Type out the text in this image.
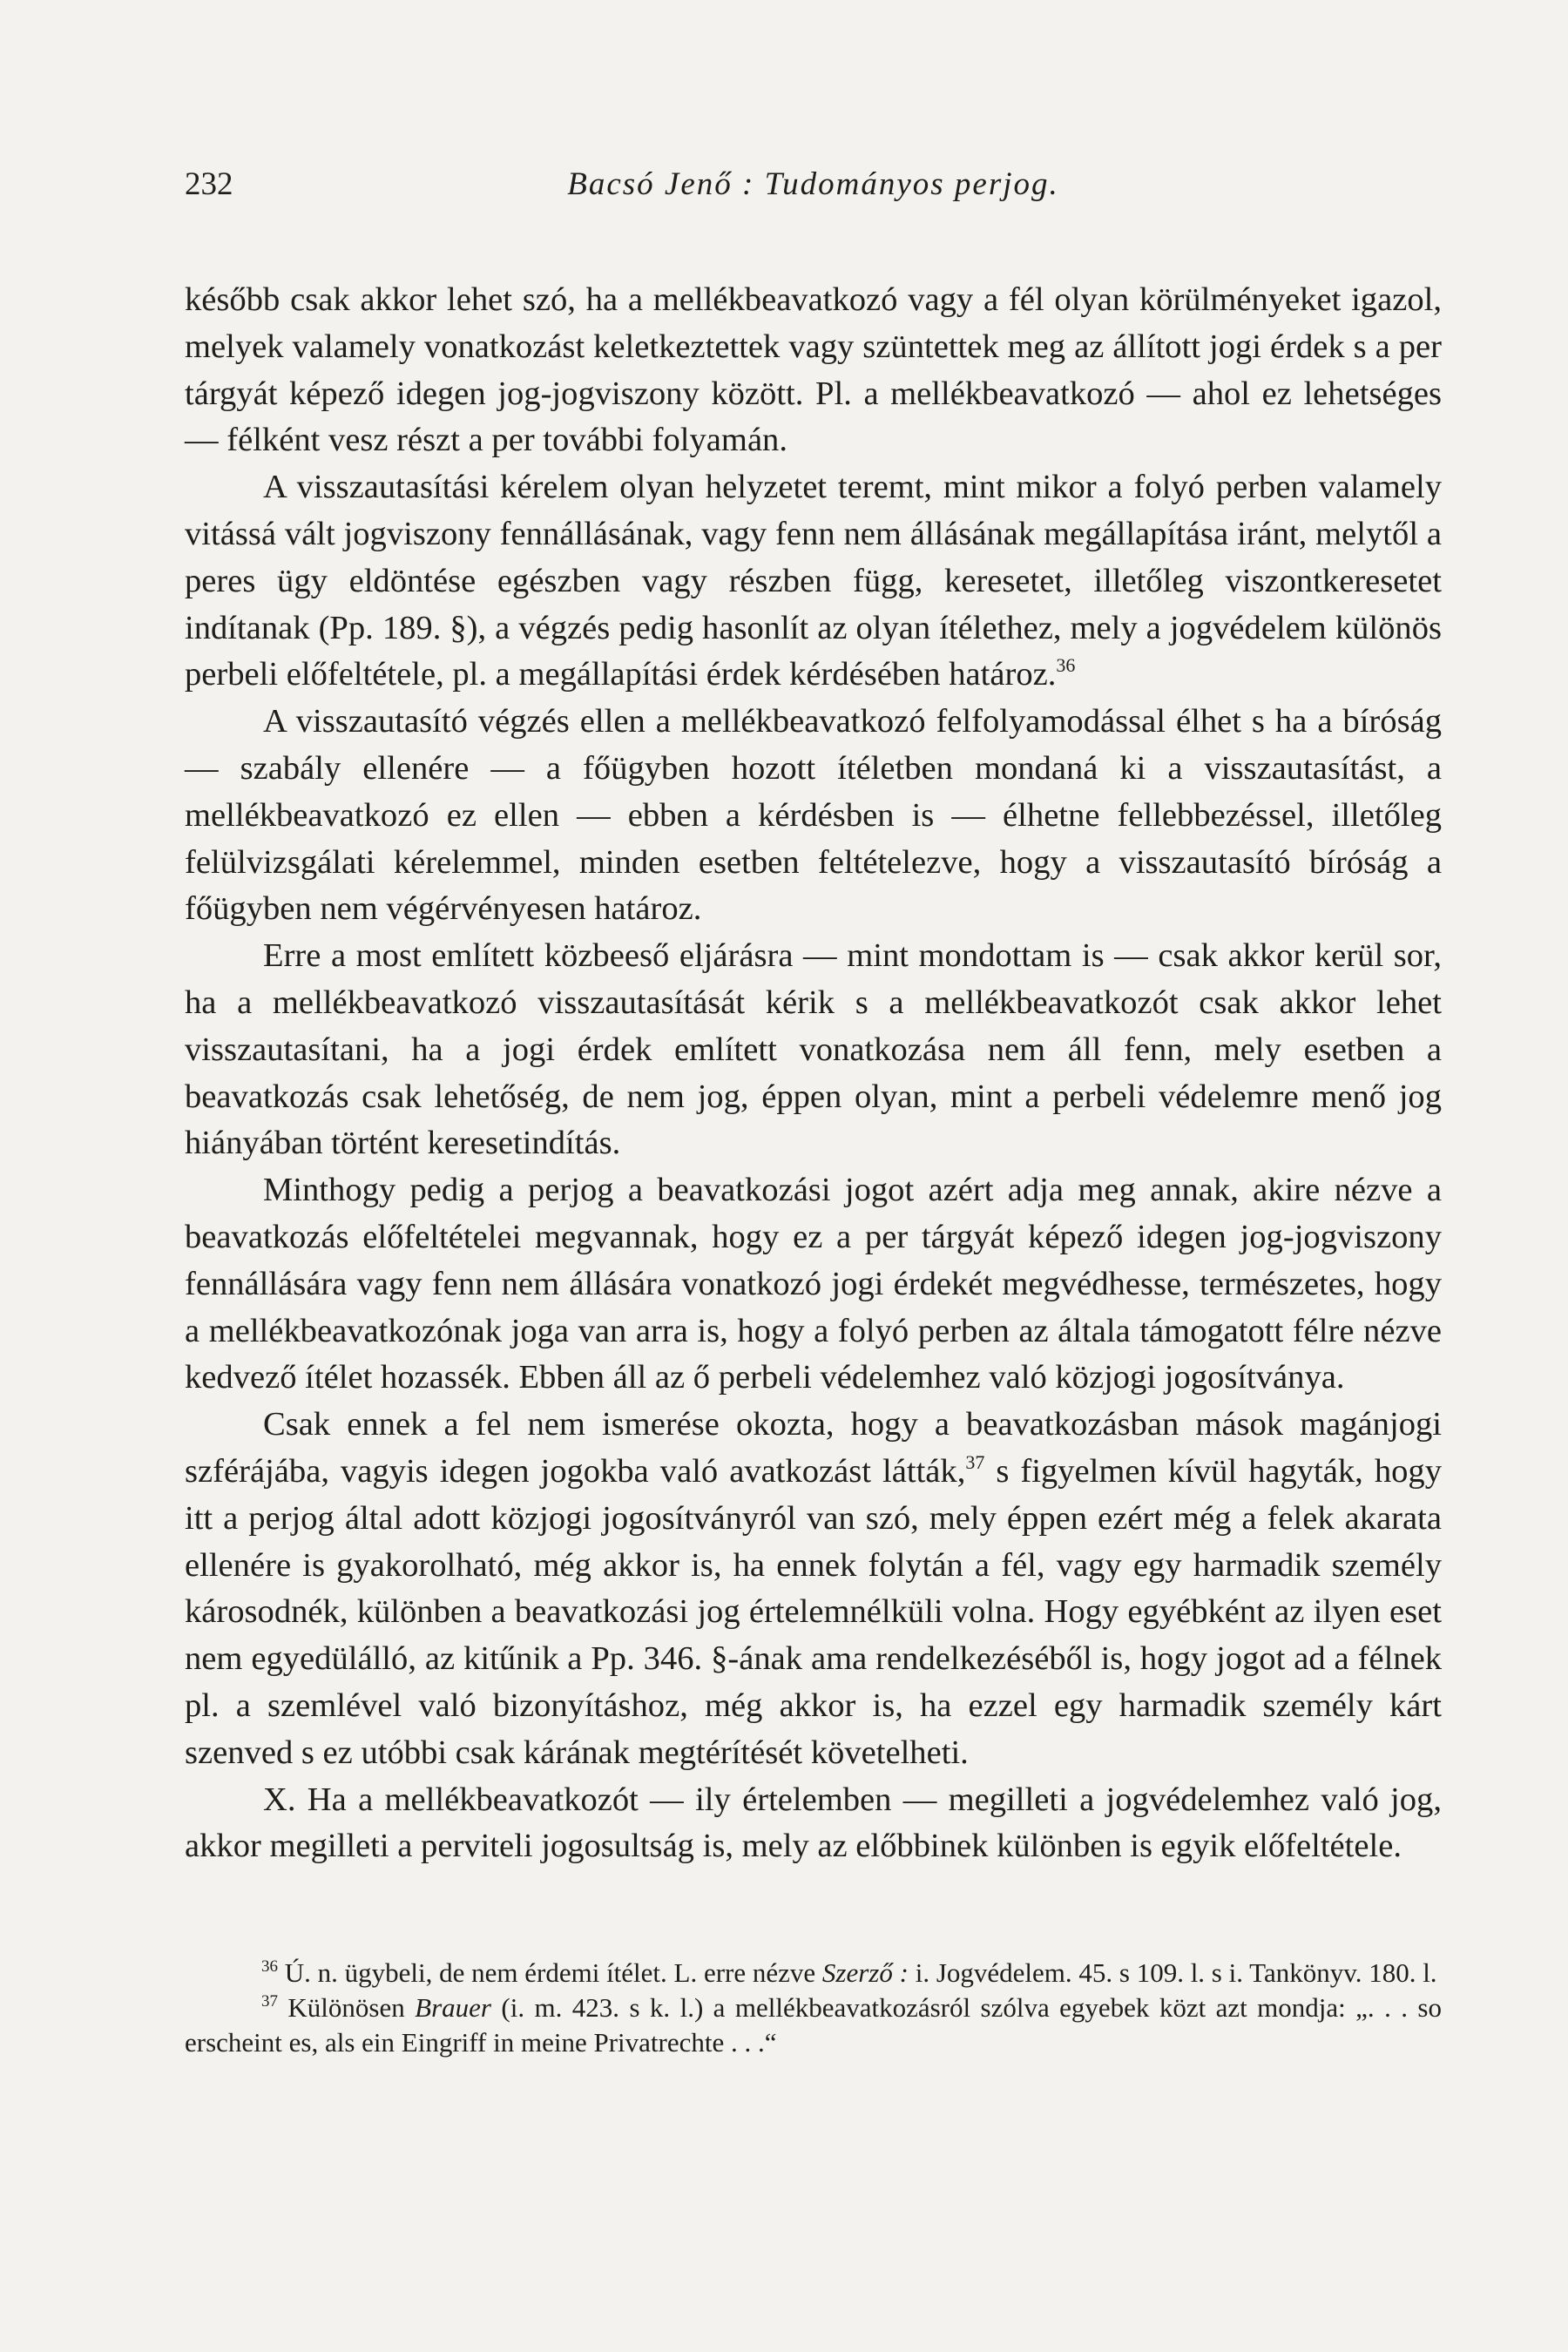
232	Bacsó Jenő : Tudományos perjog.

később csak akkor lehet szó, ha a mellékbeavatkozó vagy a fél olyan körülményeket igazol, melyek valamely vonatkozást keletkeztettek vagy szüntettek meg az állított jogi érdek s a per tárgyát képező idegen jog-jogviszony között. Pl. a mellékbeavatkozó — ahol ez lehetséges — félként vesz részt a per további folyamán.

A visszautasítási kérelem olyan helyzetet teremt, mint mikor a folyó perben valamely vitássá vált jogviszony fennállásának, vagy fenn nem állásának megállapítása iránt, melytől a peres ügy eldöntése egészben vagy részben függ, keresetet, illetőleg viszontkeresetet indítanak (Pp. 189. §), a végzés pedig hasonlít az olyan ítélethez, mely a jogvédelem különös perbeli előfeltétele, pl. a megállapítási érdek kérdésében határoz.$^{36}$

A visszautasító végzés ellen a mellékbeavatkozó felfolyamodással élhet s ha a bíróság — szabály ellenére — a főügyben hozott ítéletben mondaná ki a visszautasítást, a mellékbeavatkozó ez ellen — ebben a kérdésben is — élhetne fellebbezéssel, illetőleg felülvizsgálati kérelemmel, minden esetben feltételezve, hogy a visszautasító bíróság a főügyben nem végérvényesen határoz.

Erre a most említett közbeeső eljárásra — mint mondottam is — csak akkor kerül sor, ha a mellékbeavatkozó visszautasítását kérik s a mellékbeavatkozót csak akkor lehet visszautasítani, ha a jogi érdek említett vonatkozása nem áll fenn, mely esetben a beavatkozás csak lehetőség, de nem jog, éppen olyan, mint a perbeli védelemre menő jog hiányában történt keresetindítás.

Minthogy pedig a perjog a beavatkozási jogot azért adja meg annak, akire nézve a beavatkozás előfeltételei megvannak, hogy ez a per tárgyát képező idegen jog-jogviszony fennállására vagy fenn nem állására vonatkozó jogi érdekét megvédhesse, természetes, hogy a mellékbeavatkozónak joga van arra is, hogy a folyó perben az általa támogatott félre nézve kedvező ítélet hozassék. Ebben áll az ő perbeli védelemhez való közjogi jogosítványa.

Csak ennek a fel nem ismerése okozta, hogy a beavatkozásban mások magánjogi szférájába, vagyis idegen jogokba való avatkozást látták,$^{37}$ s figyelmen kívül hagyták, hogy itt a perjog által adott közjogi jogosítványról van szó, mely éppen ezért még a felek akarata ellenére is gyakorolható, még akkor is, ha ennek folytán a fél, vagy egy harmadik személy károsodnék, különben a beavatkozási jog értelemnélküli volna. Hogy egyébként az ilyen eset nem egyedülálló, az kitűnik a Pp. 346. §-ának ama rendelkezéséből is, hogy jogot ad a félnek pl. a szemlével való bizonyításhoz, még akkor is, ha ezzel egy harmadik személy kárt szenved s ez utóbbi csak kárának megtérítését követelheti.

X. Ha a mellékbeavatkozót — ily értelemben — megilleti a jogvédelemhez való jog, akkor megilleti a perviteli jogosultság is, mely az előbbinek különben is egyik előfeltétele.

$^{36}$ Ú. n. ügybeli, de nem érdemi ítélet. L. erre nézve Szerző : i. Jogvédelem. 45. s 109. l. s i. Tankönyv. 180. l.

$^{37}$ Különösen Brauer (i. m. 423. s k. l.) a mellékbeavatkozásról szólva egyebek közt azt mondja: „. . . so erscheint es, als ein Eingriff in meine Privatrechte . . .“
